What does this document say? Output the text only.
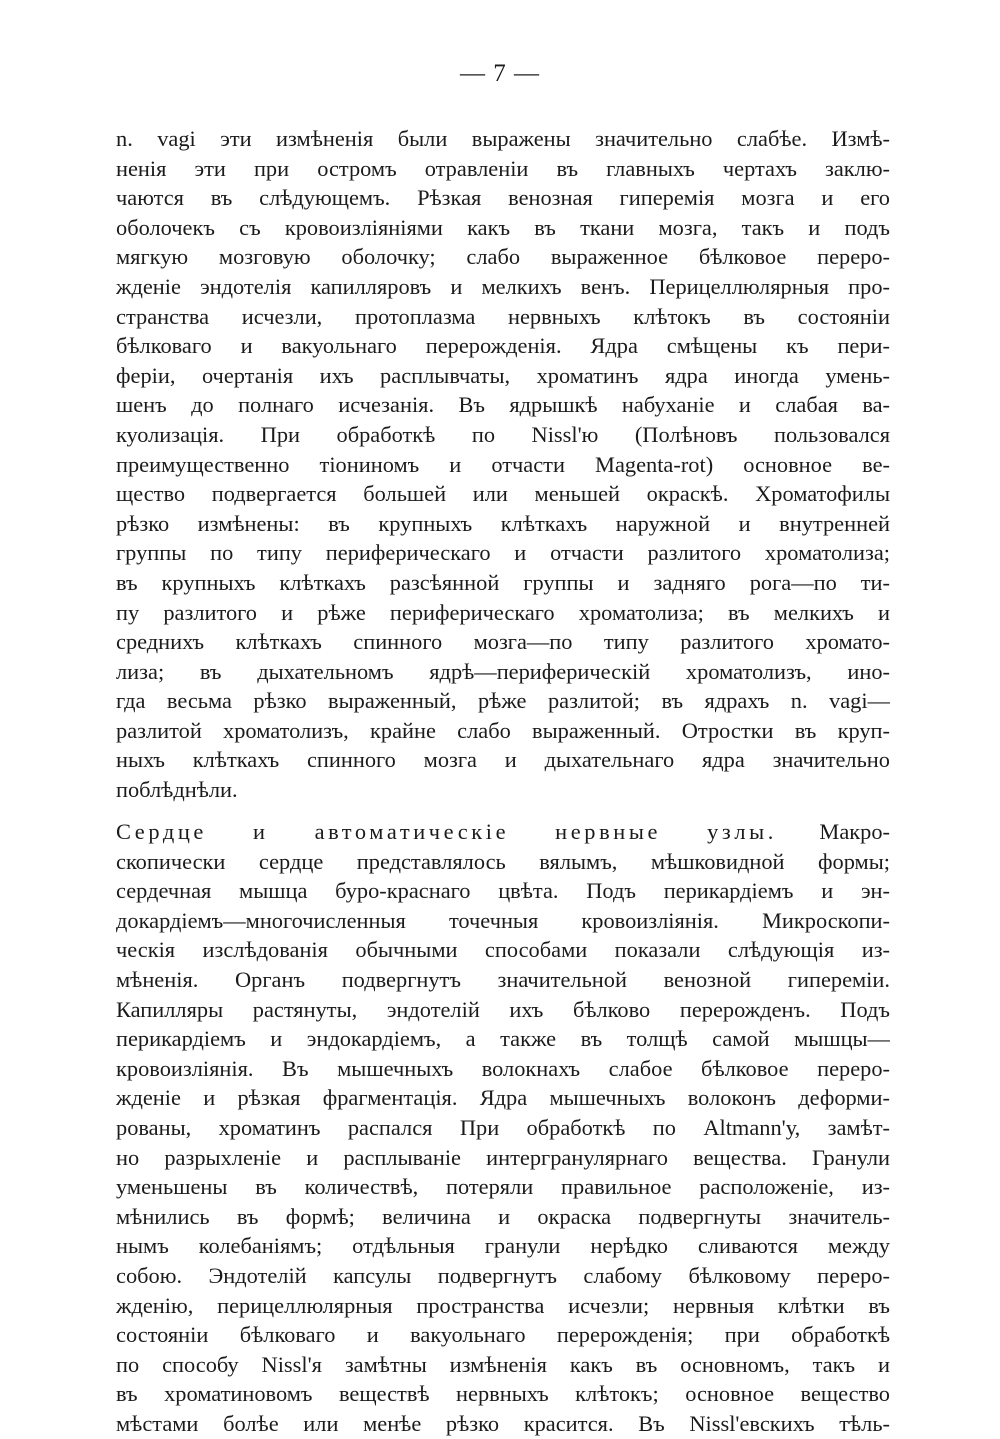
— 7 —
n. vagi эти измѣненія были выражены значительно слабѣе. Измѣ-
ненія эти при остромъ отравленіи въ главныхъ чертахъ заклю-
чаются въ слѣдующемъ. Рѣзкая венозная гиперемія мозга и его
оболочекъ съ кровоизліяніями какъ въ ткани мозга, такъ и подъ
мягкую мозговую оболочку; слабо выраженное бѣлковое переро-
жденіе эндотелія капилляровъ и мелкихъ венъ. Перицеллюлярныя про-
странства исчезли, протоплазма нервныхъ клѣтокъ въ состояніи
бѣлковаго и вакуольнаго перерожденія. Ядра смѣщены къ пери-
феріи, очертанія ихъ расплывчаты, хроматинъ ядра иногда умень-
шенъ до полнаго исчезанія. Въ ядрышкѣ набуханіе и слабая ва-
куолизація. При обработкѣ по Nissl'ю (Полѣновъ пользовался
преимущественно тіониномъ и отчасти Magenta-rot) основное ве-
щество подвергается большей или меньшей окраскѣ. Хроматофилы
рѣзко измѣнены: въ крупныхъ клѣткахъ наружной и внутренней
группы по типу периферическаго и отчасти разлитого хроматолиза;
въ крупныхъ клѣткахъ разсѣянной группы и задняго рога—по ти-
пу разлитого и рѣже периферическаго хроматолиза; въ мелкихъ и
среднихъ клѣткахъ спинного мозга—по типу разлитого хромато-
лиза; въ дыхательномъ ядрѣ—периферическій хроматолизъ, ино-
гда весьма рѣзко выраженный, рѣже разлитой; въ ядрахъ n. vagi—
разлитой хроматолизъ, крайне слабо выраженный. Отростки въ круп-
ныхъ клѣткахъ спинного мозга и дыхательнаго ядра значительно
поблѣднѣли.
Сердце и автоматическіе нервные узлы. Макро-
скопически сердце представлялось вялымъ, мѣшковидной формы;
сердечная мышца буро-краснаго цвѣта. Подъ перикардіемъ и эн-
докардіемъ—многочисленныя точечныя кровоизліянія. Микроскопи-
ческія изслѣдованія обычными способами показали слѣдующія из-
мѣненія. Органъ подвергнутъ значительной венозной гипереміи.
Капилляры растянуты, эндотелій ихъ бѣлково перерожденъ. Подъ
перикардіемъ и эндокардіемъ, а также въ толщѣ самой мышцы—
кровоизліянія. Въ мышечныхъ волокнахъ слабое бѣлковое переро-
жденіе и рѣзкая фрагментація. Ядра мышечныхъ волоконъ деформи-
рованы, хроматинъ распался При обработкѣ по Altmann'у, замѣт-
но разрыхленіе и расплываніе интергранулярнаго вещества. Гранули
уменьшены въ количествѣ, потеряли правильное расположеніе, из-
мѣнились въ формѣ; величина и окраска подвергнуты значитель-
нымъ колебаніямъ; отдѣльныя гранули нерѣдко сливаются между
собою. Эндотелій капсулы подвергнутъ слабому бѣлковому переро-
жденію, перицеллюлярныя пространства исчезли; нервныя клѣтки въ
состояніи бѣлковаго и вакуольнаго перерожденія; при обработкѣ
по способу Nissl'я замѣтны измѣненія какъ въ основномъ, такъ и
въ хроматиновомъ веществѣ нервныхъ клѣтокъ; основное вещество
мѣстами болѣе или менѣе рѣзко красится. Въ Nissl'евскихъ тѣль-
